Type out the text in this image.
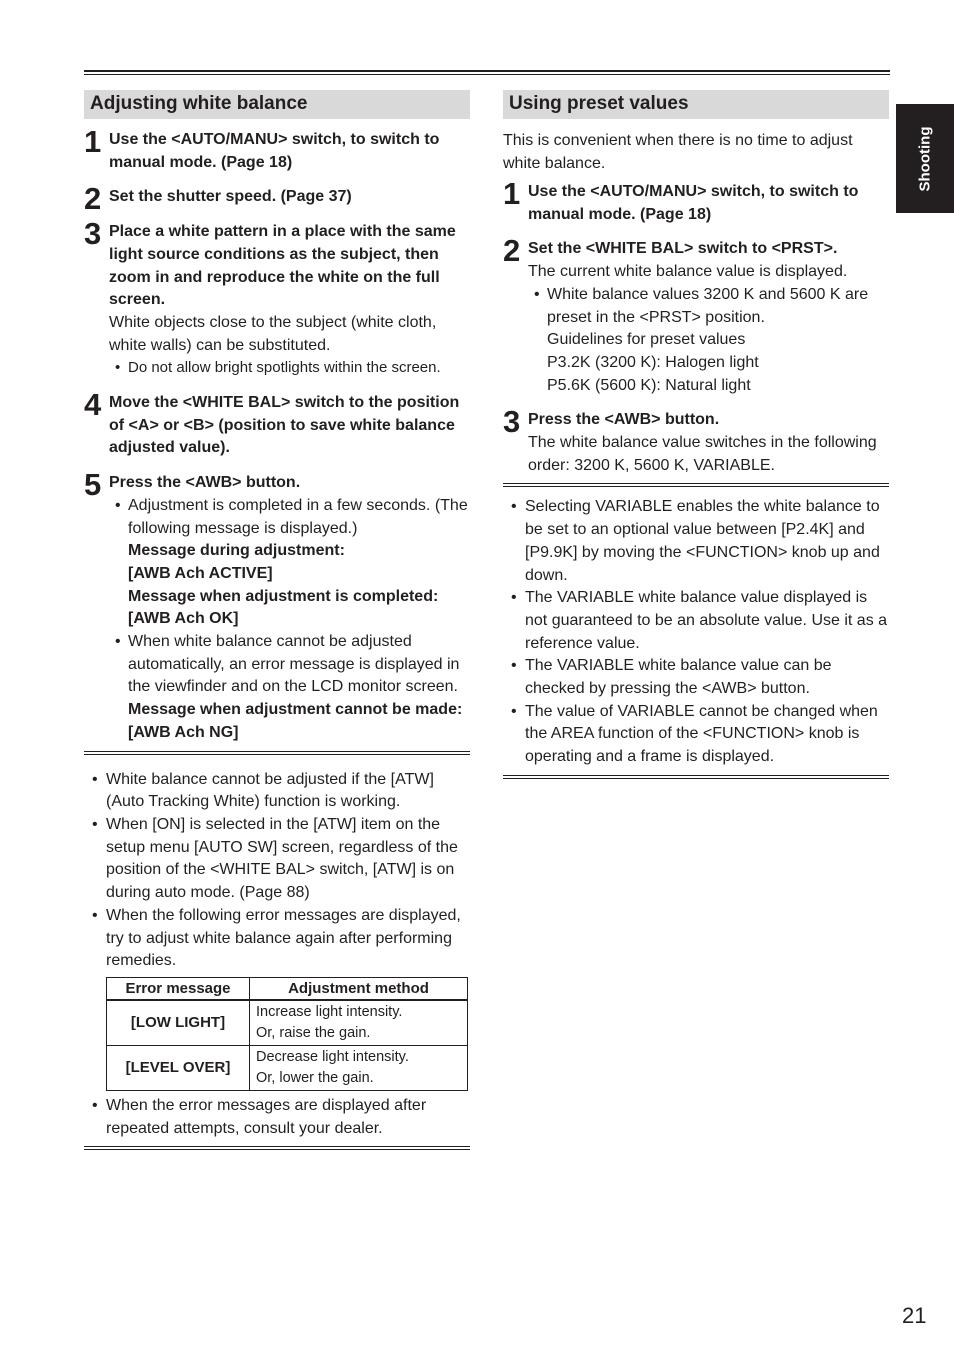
Adjusting white balance
1 Use the <AUTO/MANU> switch, to switch to manual mode. (Page 18)
2 Set the shutter speed. (Page 37)
3 Place a white pattern in a place with the same light source conditions as the subject, then zoom in and reproduce the white on the full screen.
White objects close to the subject (white cloth, white walls) can be substituted.
• Do not allow bright spotlights within the screen.
4 Move the <WHITE BAL> switch to the position of <A> or <B> (position to save white balance adjusted value).
5 Press the <AWB> button.
• Adjustment is completed in a few seconds. (The following message is displayed.)
Message during adjustment:
[AWB Ach ACTIVE]
Message when adjustment is completed:
[AWB Ach OK]
• When white balance cannot be adjusted automatically, an error message is displayed in the viewfinder and on the LCD monitor screen.
Message when adjustment cannot be made:
[AWB Ach NG]
• White balance cannot be adjusted if the [ATW] (Auto Tracking White) function is working.
• When [ON] is selected in the [ATW] item on the setup menu [AUTO SW] screen, regardless of the position of the <WHITE BAL> switch, [ATW] is on during auto mode. (Page 88)
• When the following error messages are displayed, try to adjust white balance again after performing remedies.
Error message	Adjustment method
[LOW LIGHT]	Increase light intensity.
Or, raise the gain.

[LEVEL OVER]	Decrease light intensity.
Or, lower the gain.
• When the error messages are displayed after repeated attempts, consult your dealer.
Using preset values
This is convenient when there is no time to adjust white balance.
1 Use the <AUTO/MANU> switch, to switch to manual mode. (Page 18)
2 Set the <WHITE BAL> switch to <PRST>.
The current white balance value is displayed.
• White balance values 3200 K and 5600 K are preset in the <PRST> position.
Guidelines for preset values
P3.2K (3200 K): Halogen light
P5.6K (5600 K): Natural light
3 Press the <AWB> button.
The white balance value switches in the following order: 3200 K, 5600 K, VARIABLE.
• Selecting VARIABLE enables the white balance to be set to an optional value between [P2.4K] and [P9.9K] by moving the <FUNCTION> knob up and down.
• The VARIABLE white balance value displayed is not guaranteed to be an absolute value. Use it as a reference value.
• The VARIABLE white balance value can be checked by pressing the <AWB> button.
• The value of VARIABLE cannot be changed when the AREA function of the <FUNCTION> knob is operating and a frame is displayed.
Shooting
21
